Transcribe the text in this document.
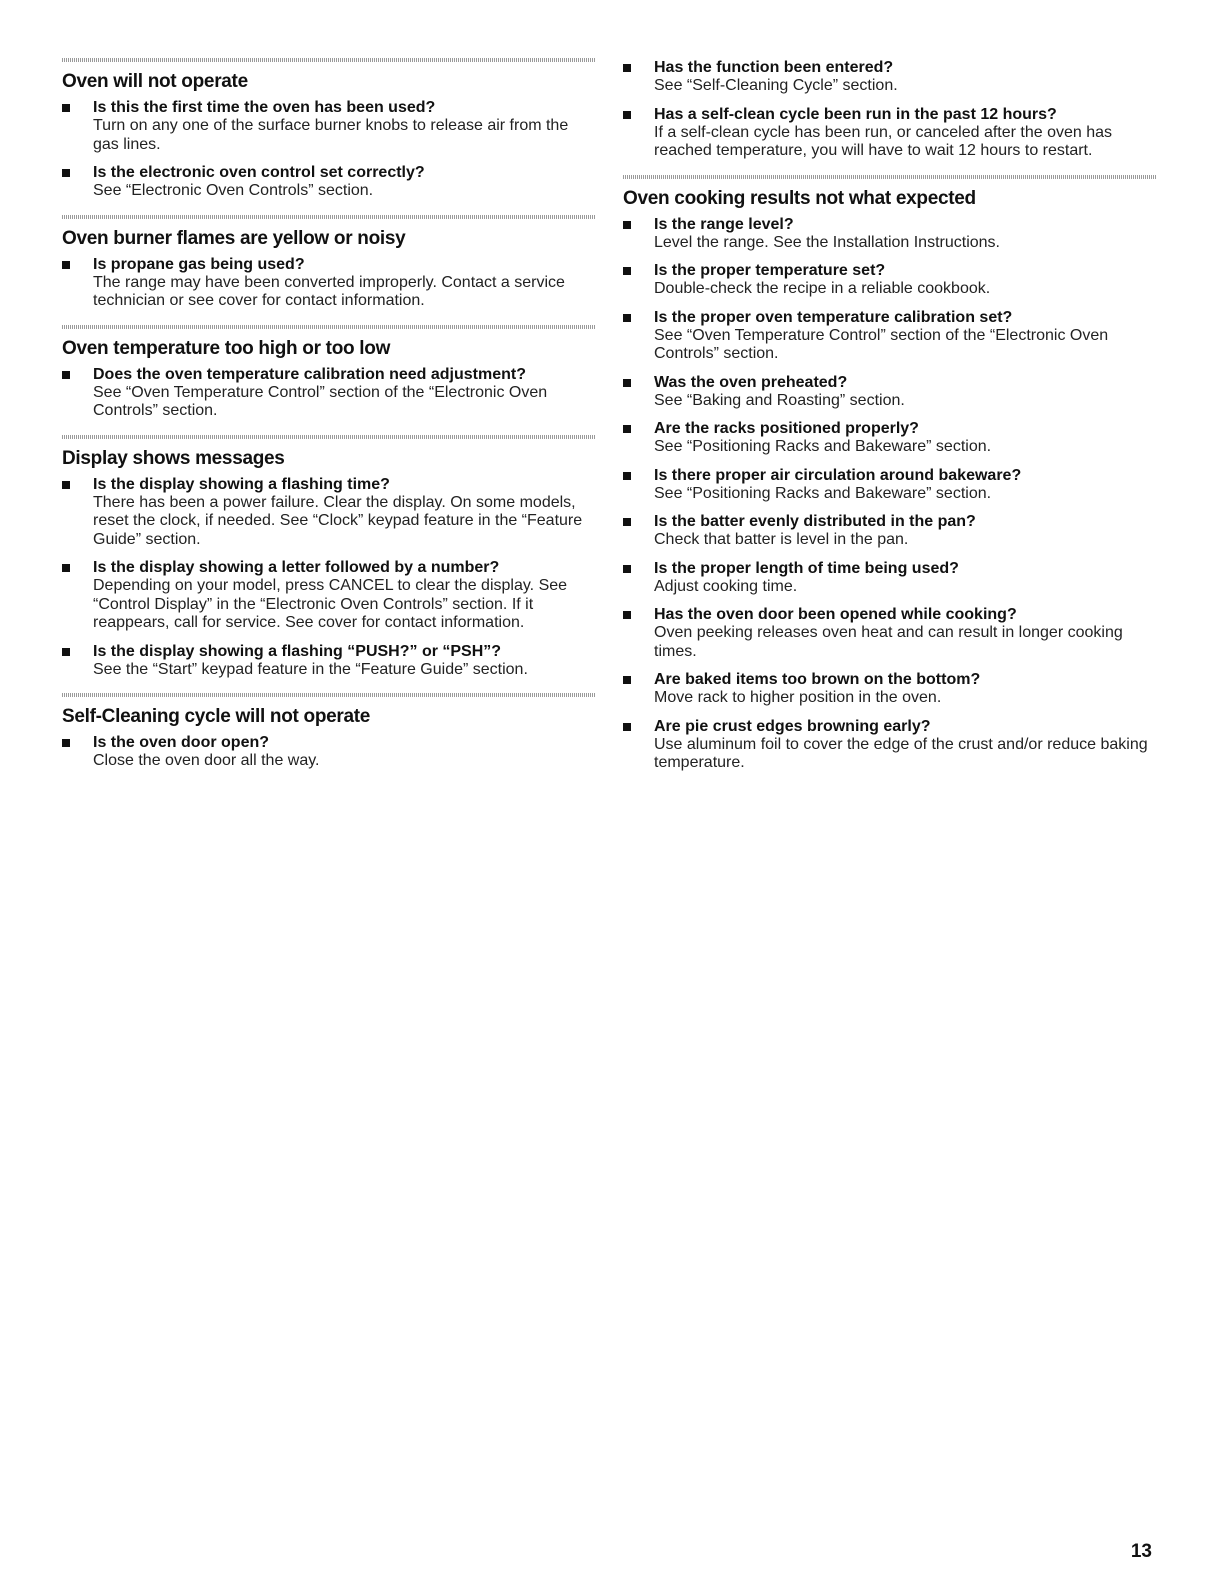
Oven will not operate
Is this the first time the oven has been used?
Turn on any one of the surface burner knobs to release air from the gas lines.
Is the electronic oven control set correctly?
See “Electronic Oven Controls” section.
Oven burner flames are yellow or noisy
Is propane gas being used?
The range may have been converted improperly. Contact a service technician or see cover for contact information.
Oven temperature too high or too low
Does the oven temperature calibration need adjustment?
See “Oven Temperature Control” section of the “Electronic Oven Controls” section.
Display shows messages
Is the display showing a flashing time?
There has been a power failure. Clear the display. On some models, reset the clock, if needed. See “Clock” keypad feature in the “Feature Guide” section.
Is the display showing a letter followed by a number?
Depending on your model, press CANCEL to clear the display. See “Control Display” in the “Electronic Oven Controls” section. If it reappears, call for service. See cover for contact information.
Is the display showing a flashing “PUSH?” or “PSH”?
See the “Start” keypad feature in the “Feature Guide” section.
Self-Cleaning cycle will not operate
Is the oven door open?
Close the oven door all the way.
Has the function been entered?
See “Self-Cleaning Cycle” section.
Has a self-clean cycle been run in the past 12 hours?
If a self-clean cycle has been run, or canceled after the oven has reached temperature, you will have to wait 12 hours to restart.
Oven cooking results not what expected
Is the range level?
Level the range. See the Installation Instructions.
Is the proper temperature set?
Double-check the recipe in a reliable cookbook.
Is the proper oven temperature calibration set?
See “Oven Temperature Control” section of the “Electronic Oven Controls” section.
Was the oven preheated?
See “Baking and Roasting” section.
Are the racks positioned properly?
See “Positioning Racks and Bakeware” section.
Is there proper air circulation around bakeware?
See “Positioning Racks and Bakeware” section.
Is the batter evenly distributed in the pan?
Check that batter is level in the pan.
Is the proper length of time being used?
Adjust cooking time.
Has the oven door been opened while cooking?
Oven peeking releases oven heat and can result in longer cooking times.
Are baked items too brown on the bottom?
Move rack to higher position in the oven.
Are pie crust edges browning early?
Use aluminum foil to cover the edge of the crust and/or reduce baking temperature.
13
